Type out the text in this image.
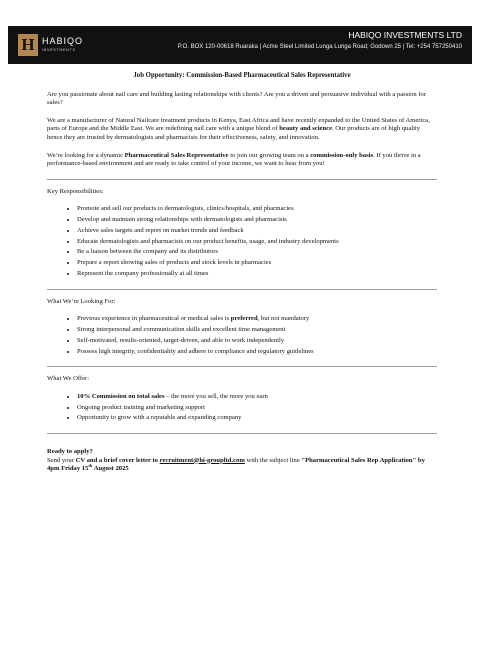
H HABIQO
INVESTMENTS
HABIQO INVESTMENTS LTD
P.O. BOX 120-00618 Ruaraka | Acme Steel Limited Lunga Lunga Road; Godown 25 | Tel: +254 757250410
Job Opportunity: Commission-Based Pharmaceutical Sales Representative

Are you passionate about nail care and building lasting relationships with clients? Are you a driven and persuasive individual with a passion for sales?

We are a manufacturer of Natural Nailcare treatment products in Kenya, East Africa and have recently expanded to the United States of America, parts of Europe and the Middle East. We are redefining nail care with a unique blend of beauty and science. Our products are of high quality hence they are trusted by dermatologists and pharmacists for their effectiveness, safety, and innovation.

We’re looking for a dynamic Pharmaceutical Sales Representative to join our growing team on a commission-only basis. If you thrive in a performance-based environment and are ready to take control of your income, we want to hear from you!

Key Responsibilities:
• Promote and sell our products to dermatologists, clinics/hospitals, and pharmacies
• Develop and maintain strong relationships with dermatologists and pharmacists
• Achieve sales targets and report on market trends and feedback
• Educate dermatologists and pharmacists on our product benefits, usage, and industry developments
• Be a liaison between the company and its distributors
• Prepare a report showing sales of products and stock levels in pharmacies
• Represent the company professionally at all times
What We’re Looking For:
• Previous experience in pharmaceutical or medical sales is preferred, but not mandatory
• Strong interpersonal and communication skills and excellent time management
• Self-motivated, results-oriented, target-driven, and able to work independently
• Possess high integrity, confidentiality and adhere to compliance and regulatory guidelines
What We Offer:
• 10% Commission on total sales – the more you sell, the more you earn
• Ongoing product training and marketing support
• Opportunity to grow with a reputable and expanding company
Ready to apply?
Send your CV and a brief cover letter to recruitment@hi-groupltd.com with the subject line "Pharmaceutical Sales Rep Application" by 4pm Friday 15th August 2025
